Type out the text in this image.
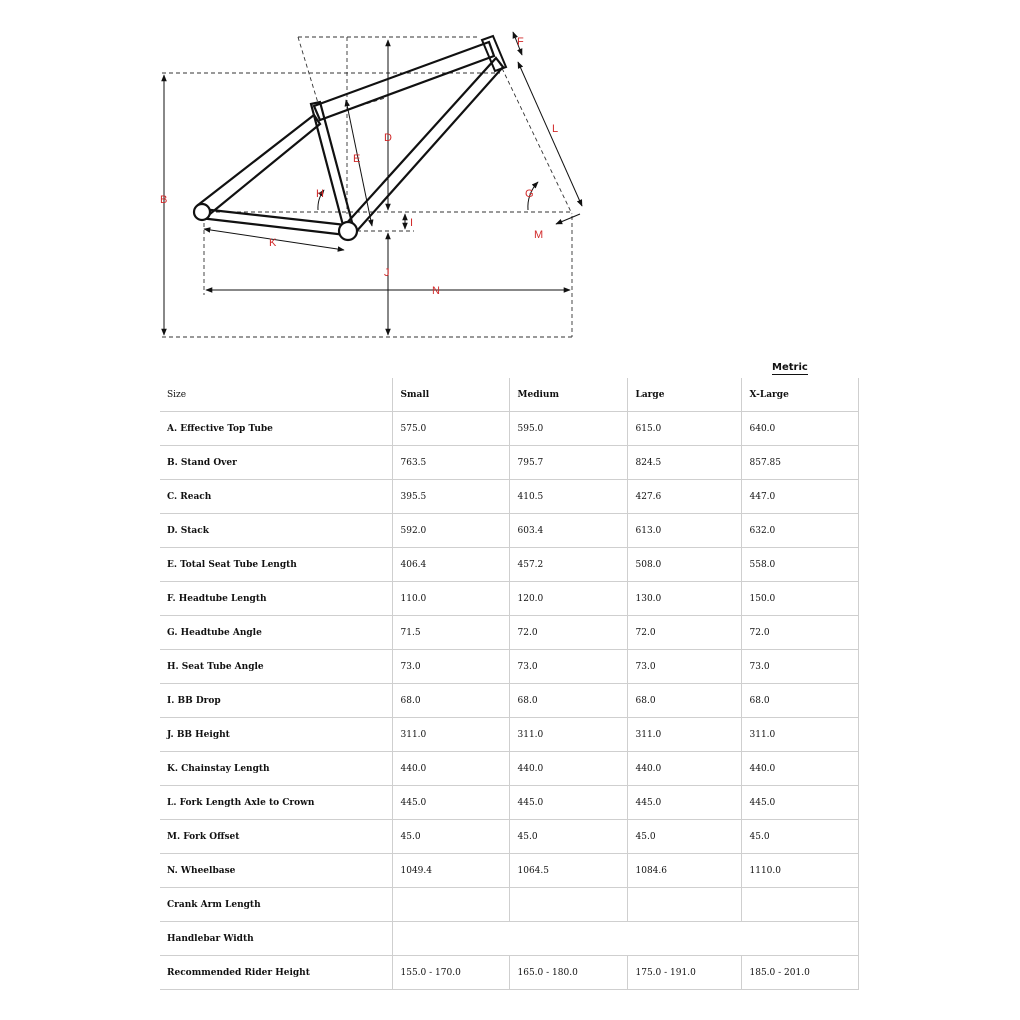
B
D
E
F
G
H
I
J
K
L
M
N
Metric
Size	Small	Medium	Large	X-Large
A. Effective Top Tube	575.0	595.0	615.0	640.0
B. Stand Over	763.5	795.7	824.5	857.85
C. Reach	395.5	410.5	427.6	447.0
D. Stack	592.0	603.4	613.0	632.0
E. Total Seat Tube Length	406.4	457.2	508.0	558.0
F. Headtube Length	110.0	120.0	130.0	150.0
G. Headtube Angle	71.5	72.0	72.0	72.0
H. Seat Tube Angle	73.0	73.0	73.0	73.0
I. BB Drop	68.0	68.0	68.0	68.0
J. BB Height	311.0	311.0	311.0	311.0
K. Chainstay Length	440.0	440.0	440.0	440.0
L. Fork Length Axle to Crown	445.0	445.0	445.0	445.0
M. Fork Offset	45.0	45.0	45.0	45.0
N. Wheelbase	1049.4	1064.5	1084.6	1110.0
Crank Arm Length				
Handlebar Width				
Recommended Rider Height	155.0 - 170.0	165.0 - 180.0	175.0 - 191.0	185.0 - 201.0
